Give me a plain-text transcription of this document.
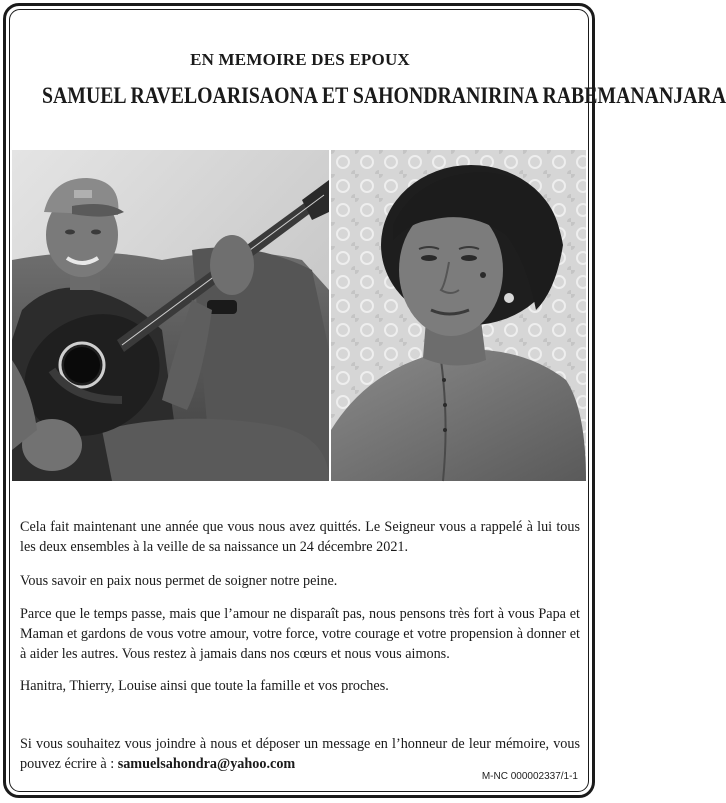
EN MEMOIRE DES EPOUX
SAMUEL RAVELOARISAONA ET SAHONDRANIRINA RABEMANANJARA

Cela fait maintenant une année que vous nous avez quittés. Le Seigneur vous a rappelé à lui tous les deux ensembles à la veille de sa naissance un 24 décembre 2021.

Vous savoir en paix nous permet de soigner notre peine.

Parce que le temps passe, mais que l’amour ne disparaît pas, nous pensons très fort à vous Papa et Maman et gardons de vous votre amour, votre force, votre courage et votre propension à donner et à aider les autres. Vous restez à jamais dans nos cœurs et nous vous aimons.

Hanitra, Thierry, Louise ainsi que toute la famille et vos proches.

Si vous souhaitez vous joindre à nous et déposer un message en l’honneur de leur mémoire, vous pouvez écrire à : samuelsahondra@yahoo.com

M-NC 000002337/1-1
